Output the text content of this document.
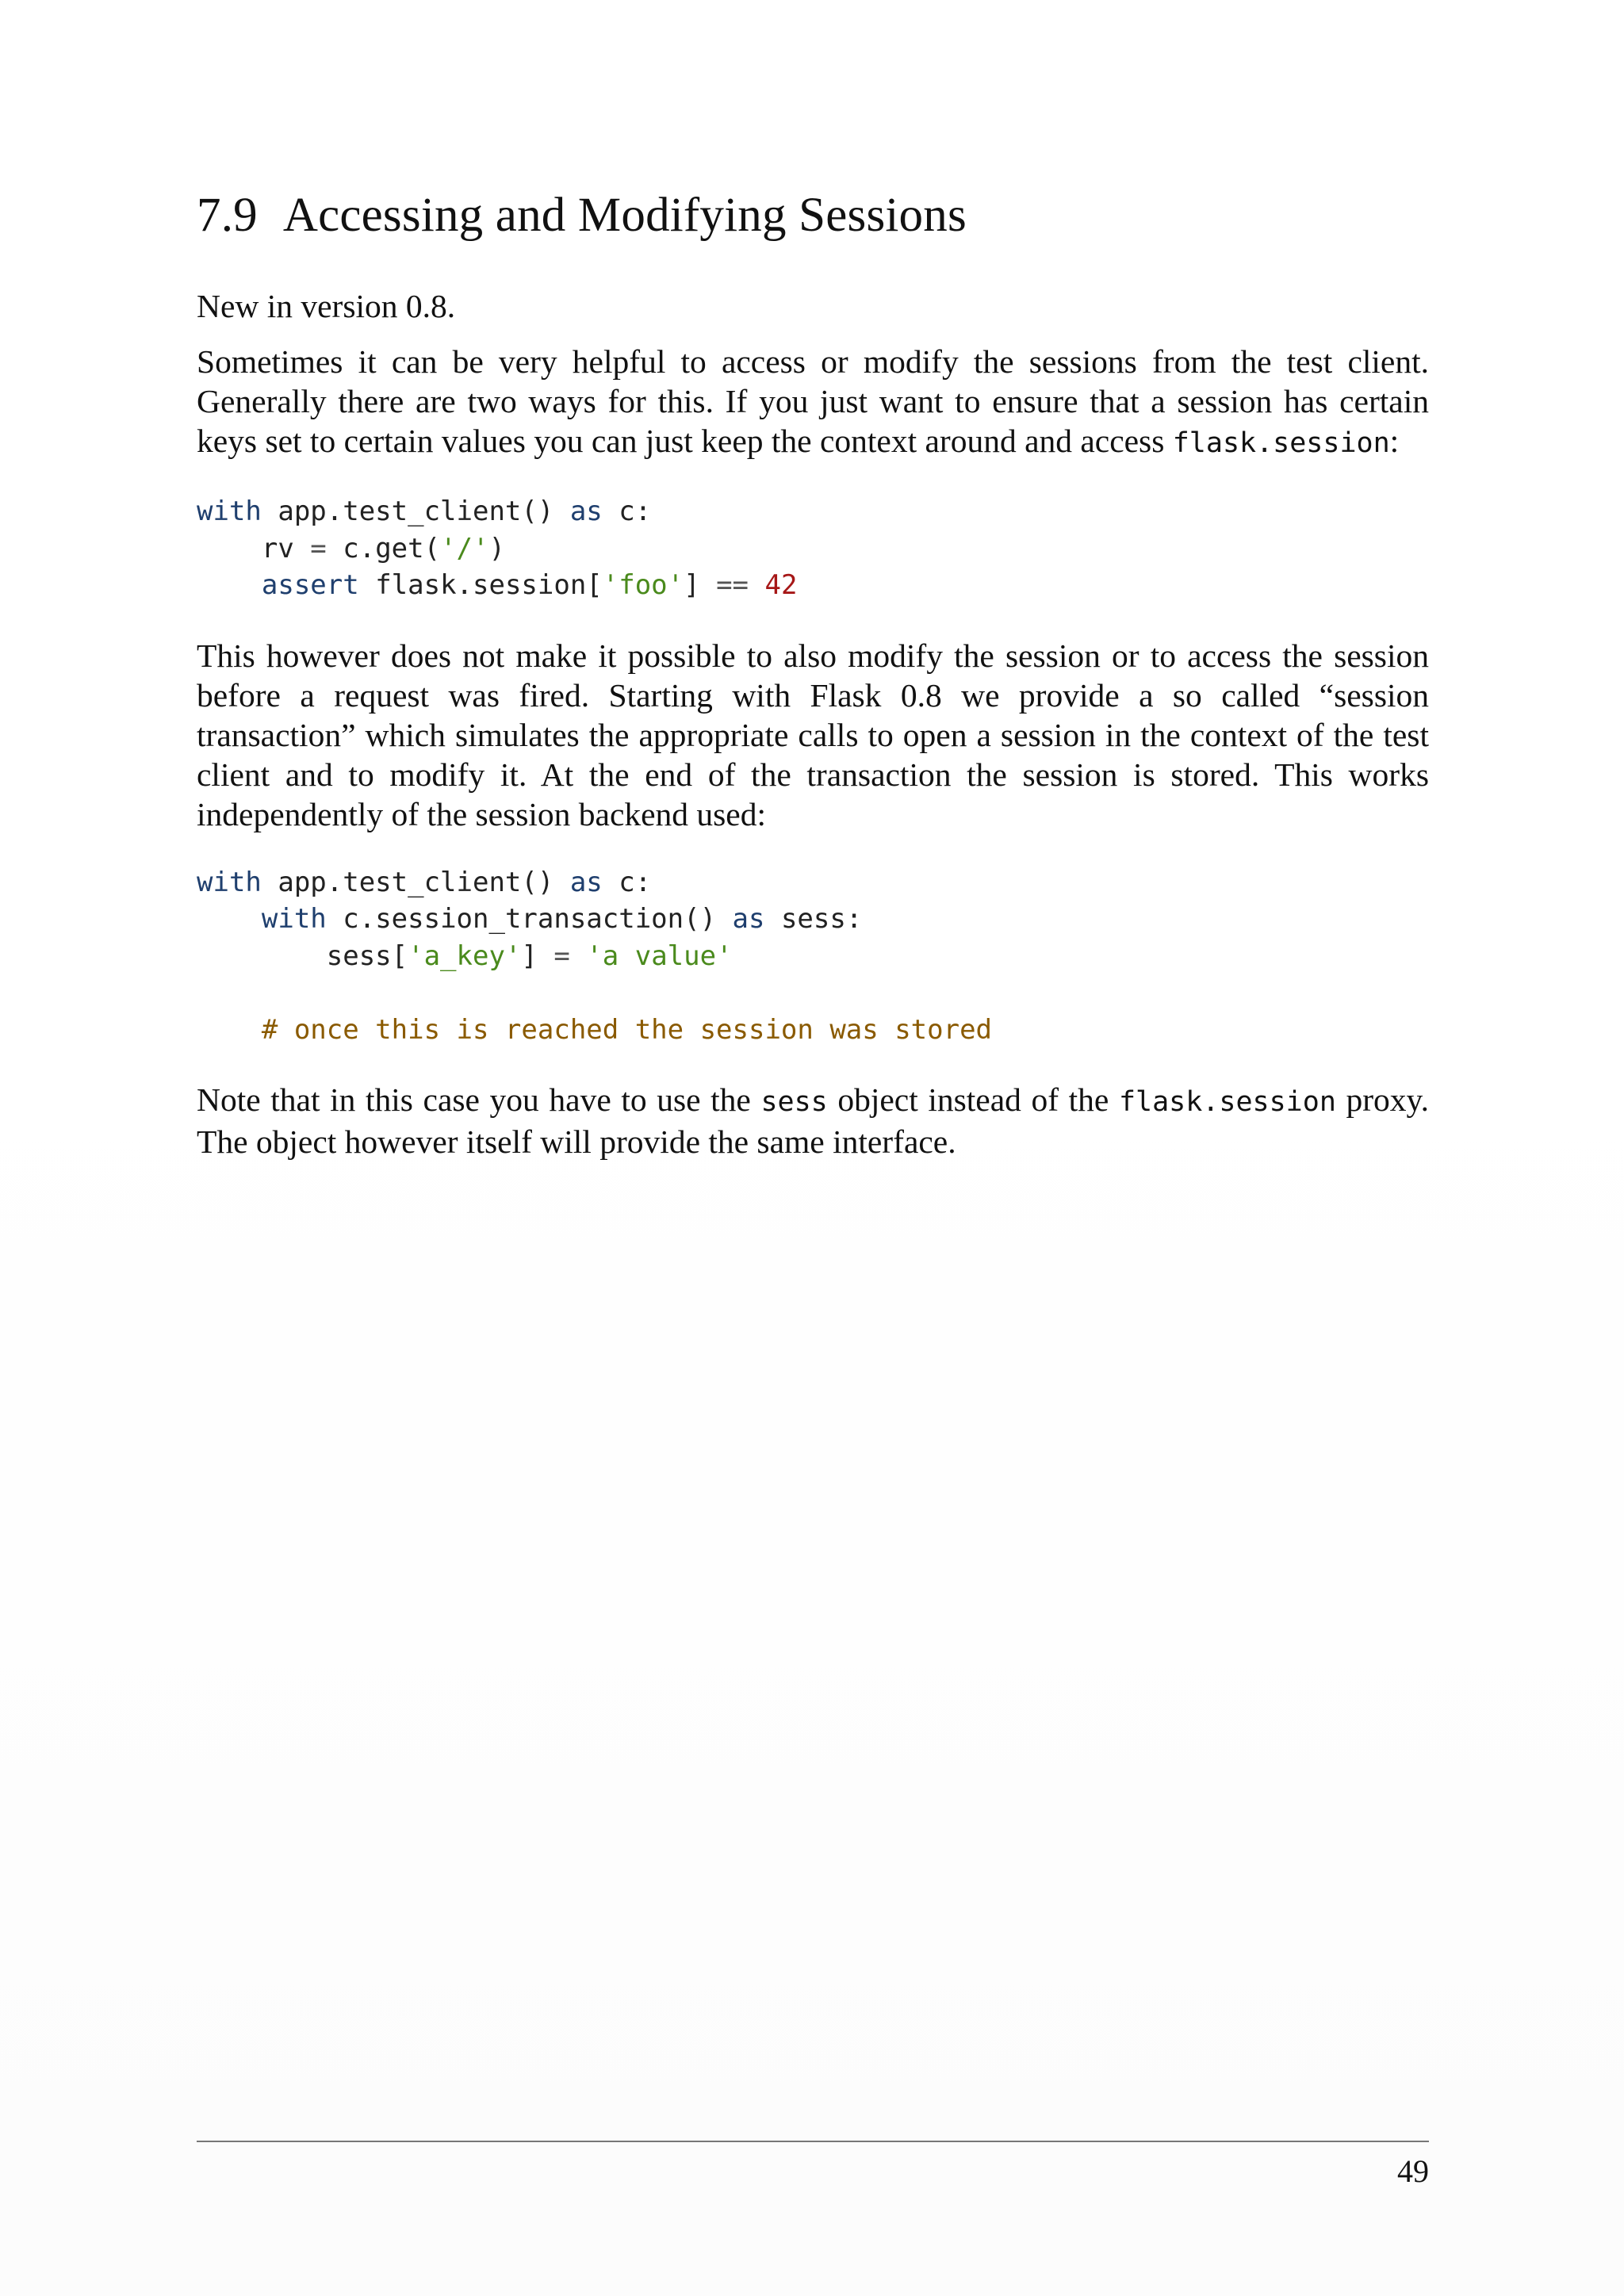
7.9 Accessing and Modifying Sessions

New in version 0.8.

Sometimes it can be very helpful to access or modify the sessions from the test client. Generally there are two ways for this. If you just want to ensure that a session has certain keys set to certain values you can just keep the context around and access flask.session:

with app.test_client() as c:
rv = c.get('/')
assert flask.session['foo'] == 42

This however does not make it possible to also modify the session or to access the session before a request was fired. Starting with Flask 0.8 we provide a so called “session transaction” which simulates the appropriate calls to open a session in the context of the test client and to modify it. At the end of the transaction the session is stored. This works independently of the session backend used:

with app.test_client() as c:
with c.session_transaction() as sess:
sess['a_key'] = 'a value'

# once this is reached the session was stored

Note that in this case you have to use the sess object instead of the flask.session proxy. The object however itself will provide the same interface.

49
